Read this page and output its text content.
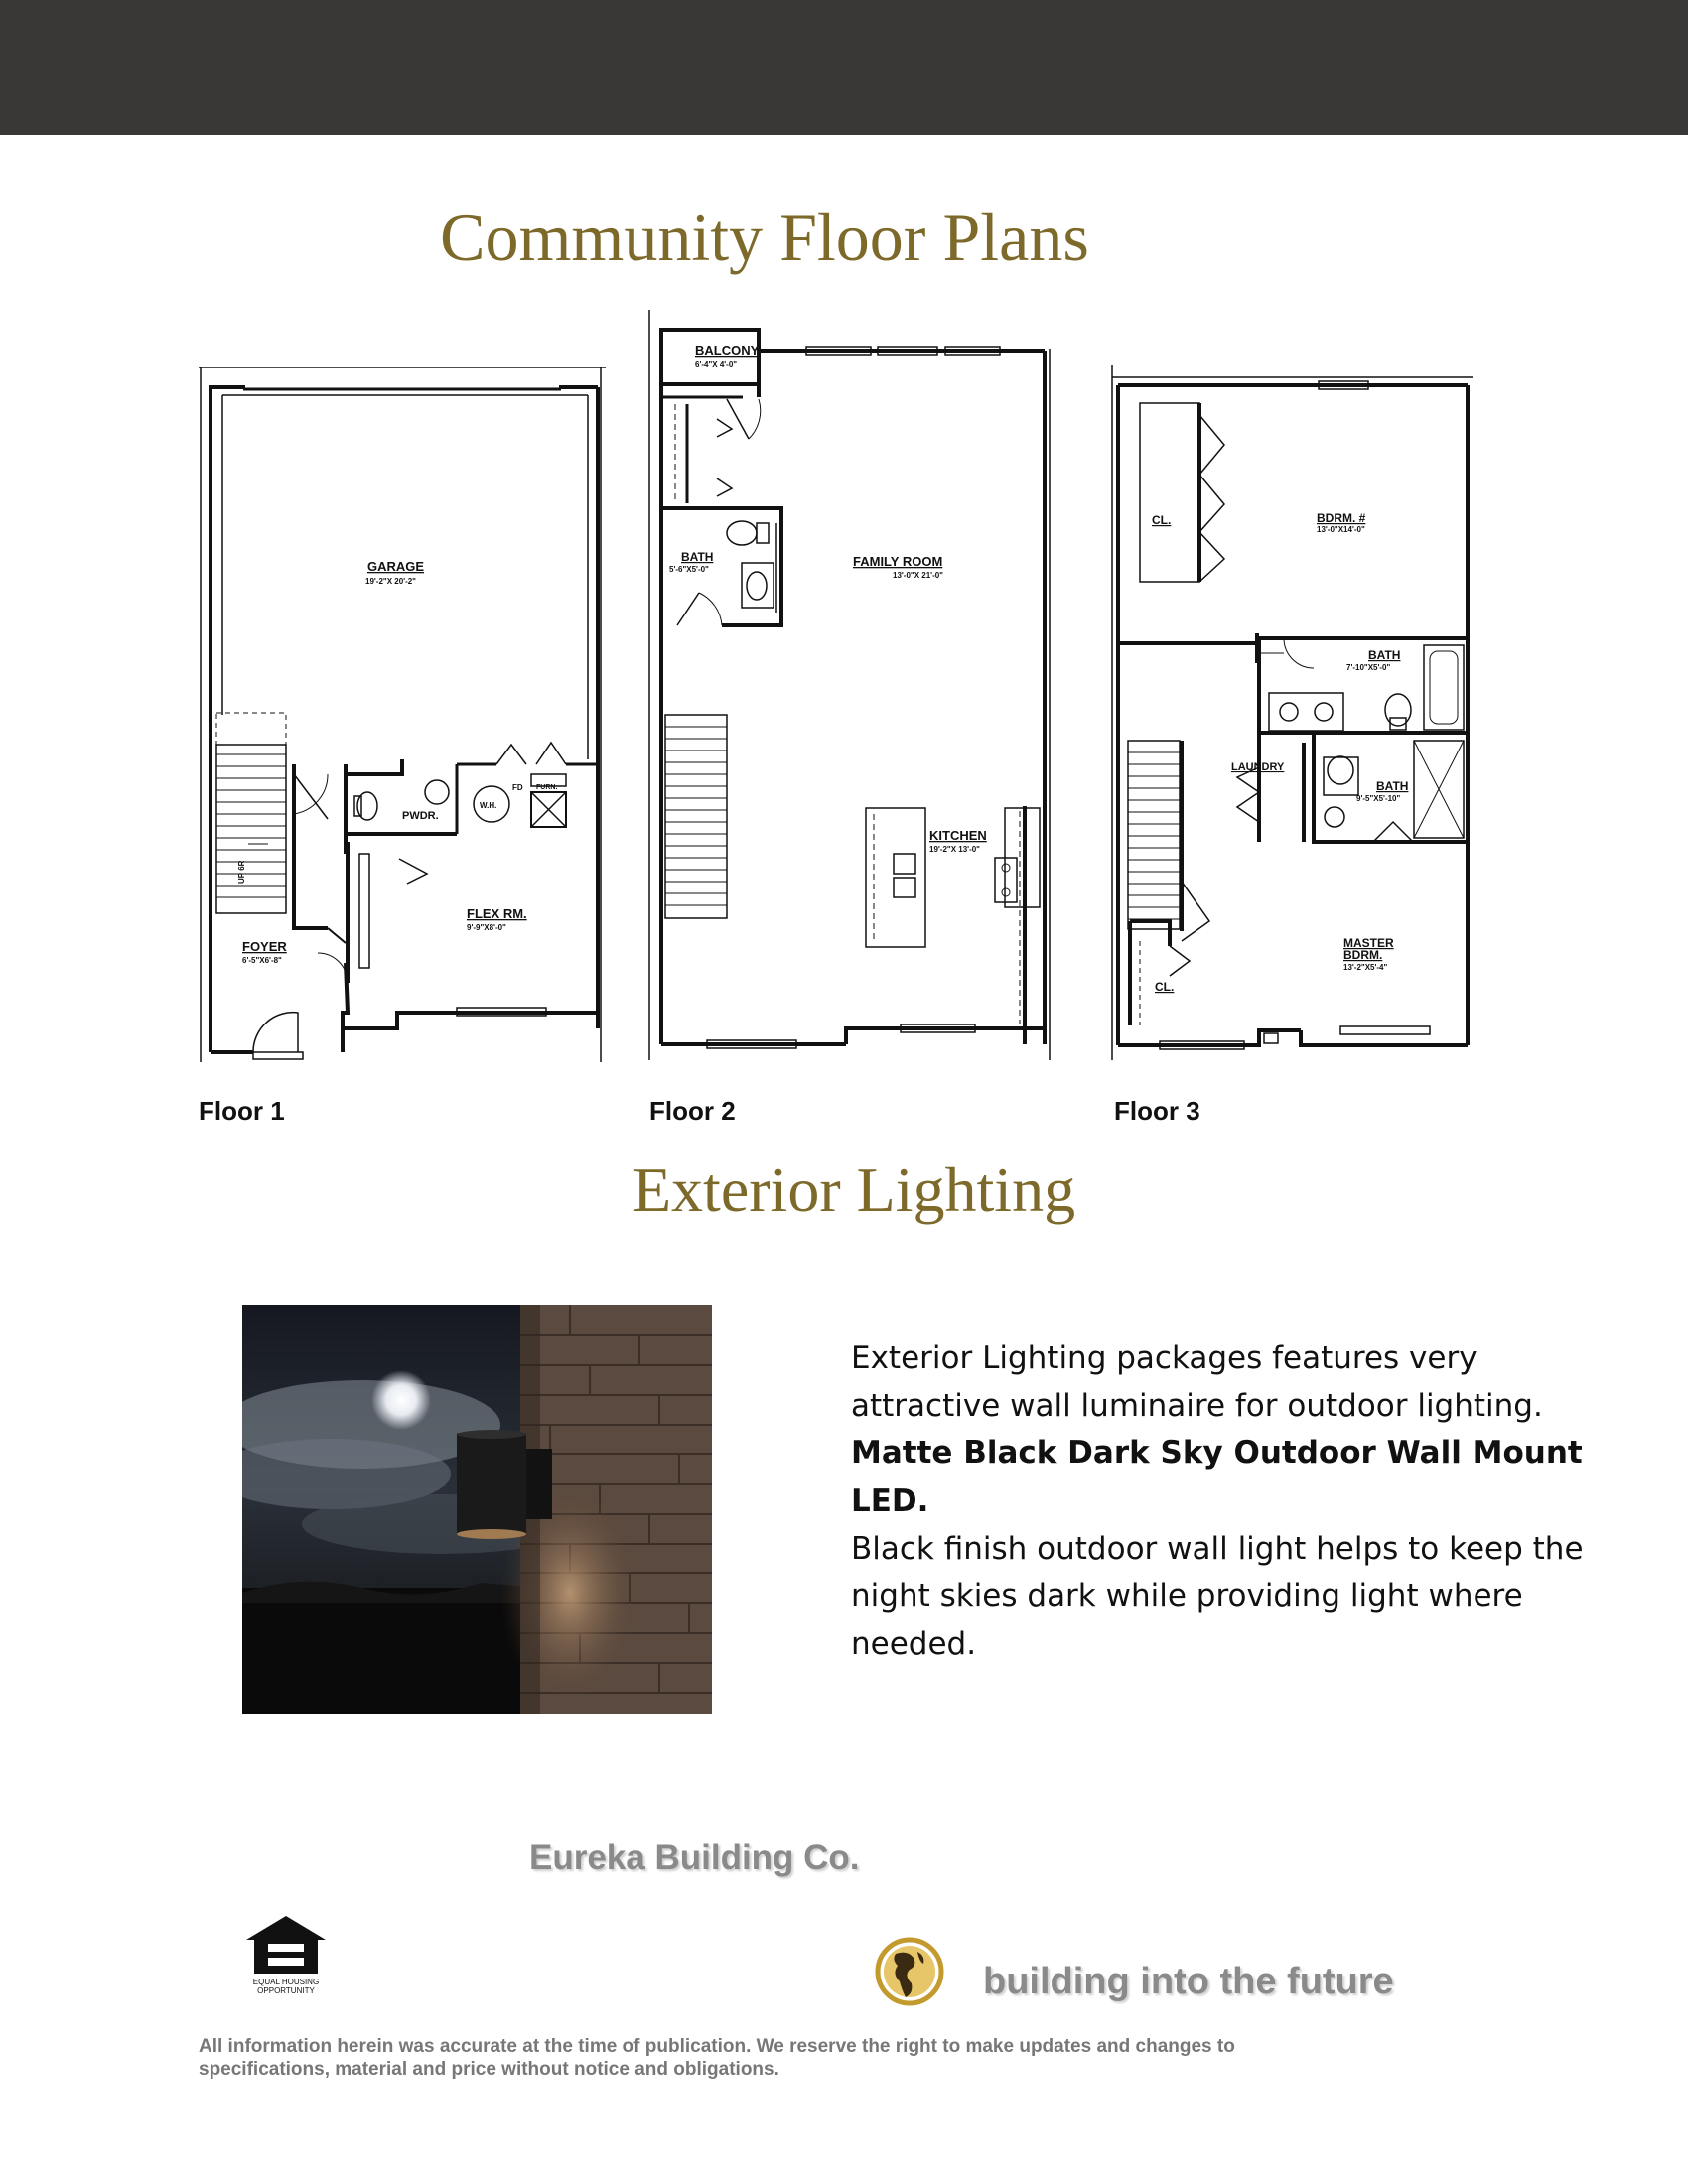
Community Floor Plans
GARAGE
19'-2"X 20'-2"
PWDR.
W.H.
FURN.
FD
FLEX RM.
9'-9"X8'-0"
FOYER
6'-5"X6'-8"
UP 6R
Floor 1
BALCONY
6'-4"X 4'-0"
BATH
5'-6"X5'-0"
FAMILY ROOM
13'-0"X 21'-0"
KITCHEN
19'-2"X 13'-0"
Floor 2
CL.	BDRM. #
13'-0"X14'-0"
BATH
7'-10"X5'-0"
LAUNDRY
BATH
9'-5"X5'-10"
MASTER
BDRM.
13'-2"X5'-4"
CL.
Floor 3
Exterior Lighting

Exterior Lighting packages features very

attractive wall luminaire for outdoor lighting.

Matte Black Dark Sky Outdoor Wall Mount LED.

Black finish outdoor wall light helps to keep the

night skies dark while providing light where

needed.

Eureka Building Co.
EQUAL HOUSING
OPPORTUNITY	building into the future
All information herein was accurate at the time of publication. We reserve the right to make updates and changes to
specifications, material and price without notice and obligations.
